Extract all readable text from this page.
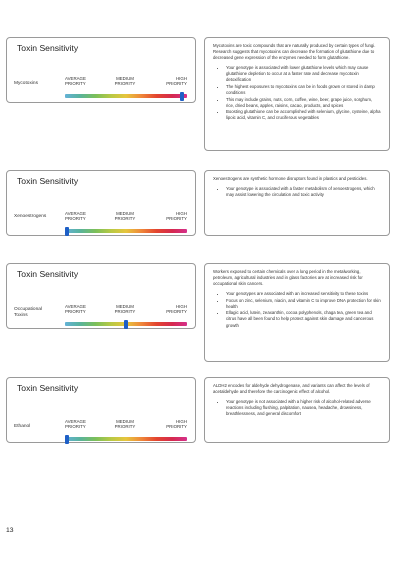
Toxin Sensitivity
Mycotoxins
AVERAGE
PRIORITY
MEDIUM
PRIORITY
HIGH
PRIORITY

Mycotoxins are toxic compounds that are naturally produced by certain types of fungi. Research suggests that mycotoxins can decrease the formation of glutathione due to decreased gene expression of the enzymes needed to form glutathione.

• Your genotype is associated with lower glutathione levels which may cause glutathione depletion to occur at a faster rate and decrease mycotoxin detoxification
• The highest exposures to mycotoxins can be in foods grown or stored in damp conditions
• This may include grains, nuts, corn, coffee, wine, beer, grape juice, sorghum, rice, dried beans, apples, raisins, cacao, products, and spices
• Boosting glutathione can be accomplished with selenium, glycine, cysteine, alpha lipoic acid, vitamin C, and cruciferous vegetables
Toxin Sensitivity
Xenoestrogens
AVERAGE
PRIORITY
MEDIUM
PRIORITY
HIGH
PRIORITY

Xenoestrogens are synthetic hormone disruptors found in plastics and pesticides.

• Your genotype is associated with a faster metabolism of xenoestrogens, which may assist lowering the circulation and toxic activity
Toxin Sensitivity
Occupational
Toxins
AVERAGE
PRIORITY
MEDIUM
PRIORITY
HIGH
PRIORITY

Workers exposed to certain chemicals over a long period in the metalworking, petroleum, agricultural industries and in glass factories are at increased risk for occupational skin cancers.

• Your genotypes are associated with an increased sensitivity to these toxins
• Focus on zinc, selenium, niacin, and vitamin C to improve DNA protection for skin health
• Ellagic acid, lutein, zeaxanthin, cocoa polyphenols, chaga tea, green tea and citrus have all been found to help protect against skin damage and cancerous growth
Toxin Sensitivity
Ethanol
AVERAGE
PRIORITY
MEDIUM
PRIORITY
HIGH
PRIORITY

ALDH2 encodes for aldehyde dehydrogenase, and variants can affect the levels of acetaldehyde and therefore the carcinogenic effect of alcohol.

• Your genotype is not associated with a higher risk of alcohol-related adverse reactions including flushing, palpitation, nausea, headache, drowsiness, breathlessness, and general discomfort
13
